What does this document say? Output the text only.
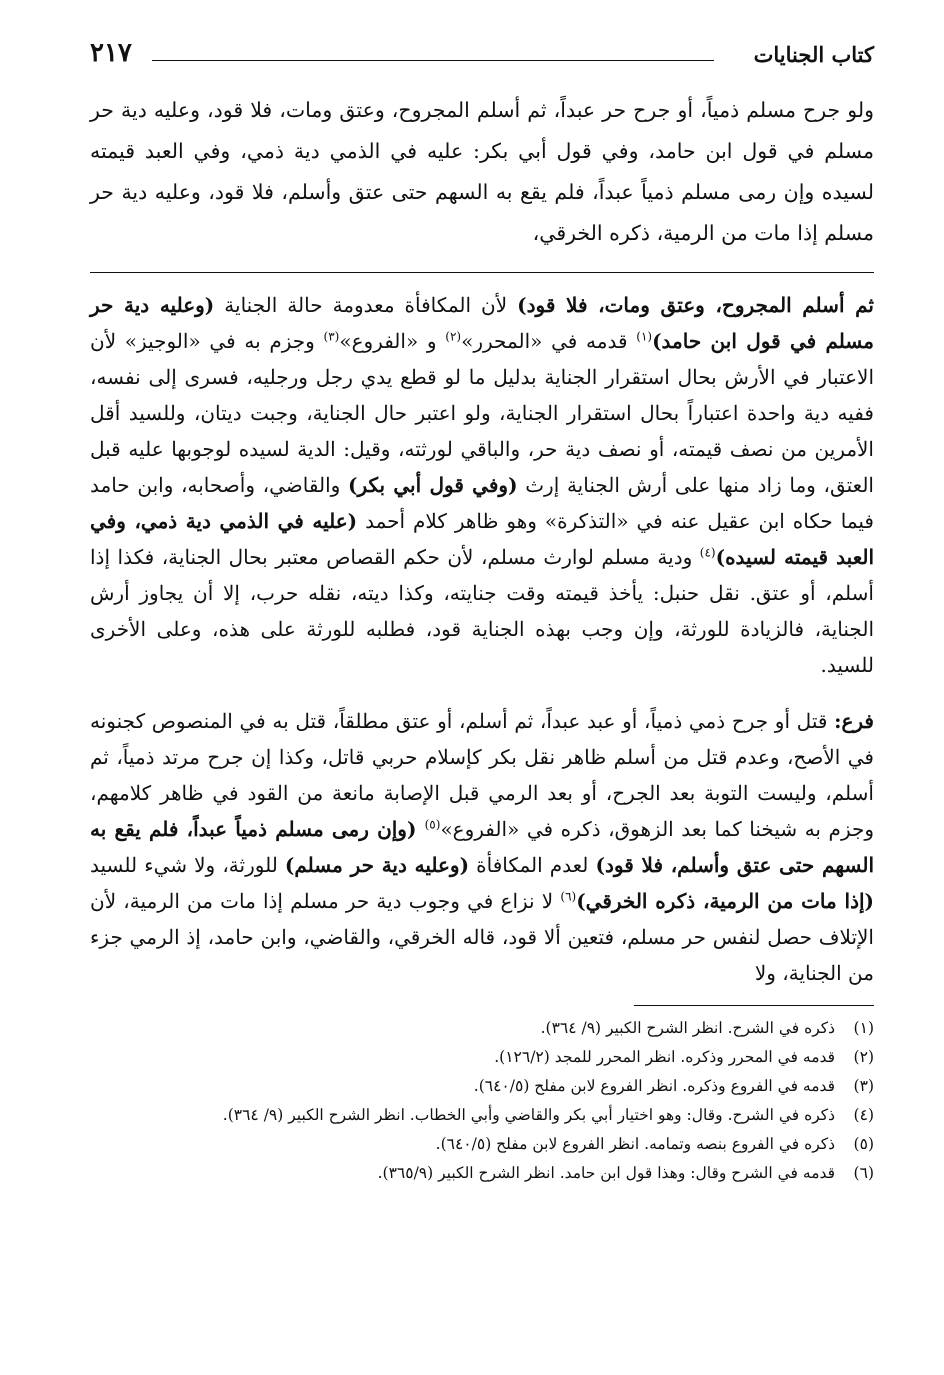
كتاب الجنايات
٢١٧
ولو جرح مسلم ذمياً، أو جرح حر عبداً، ثم أسلم المجروح، وعتق ومات، فلا قود، وعليه دية حر مسلم في قول ابن حامد، وفي قول أبي بكر: عليه في الذمي دية ذمي، وفي العبد قيمته لسيده وإن رمى مسلم ذمياً عبداً، فلم يقع به السهم حتى عتق وأسلم، فلا قود، وعليه دية حر مسلم إذا مات من الرمية، ذكره الخرقي،

ثم أسلم المجروح، وعتق ومات، فلا قود) لأن المكافأة معدومة حالة الجناية (وعليه دية حر مسلم في قول ابن حامد)$^{(١)}$ قدمه في «المحرر»$^{(٢)}$ و «الفروع»$^{(٣)}$ وجزم به في «الوجيز» لأن الاعتبار في الأرش بحال استقرار الجناية بدليل ما لو قطع يدي رجل ورجليه، فسرى إلى نفسه، ففيه دية واحدة اعتباراً بحال استقرار الجناية، ولو اعتبر حال الجناية، وجبت ديتان، وللسيد أقل الأمرين من نصف قيمته، أو نصف دية حر، والباقي لورثته، وقيل: الدية لسيده لوجوبها عليه قبل العتق، وما زاد منها على أرش الجناية إرث (وفي قول أبي بكر) والقاضي، وأصحابه، وابن حامد فيما حكاه ابن عقيل عنه في «التذكرة» وهو ظاهر كلام أحمد (عليه في الذمي دية ذمي، وفي العبد قيمته لسيده)$^{(٤)}$ ودية مسلم لوارث مسلم، لأن حكم القصاص معتبر بحال الجناية، فكذا إذا أسلم، أو عتق. نقل حنبل: يأخذ قيمته وقت جنايته، وكذا ديته، نقله حرب، إلا أن يجاوز أرش الجناية، فالزيادة للورثة، وإن وجب بهذه الجناية قود، فطلبه للورثة على هذه، وعلى الأخرى للسيد.

فرع: قتل أو جرح ذمي ذمياً، أو عبد عبداً، ثم أسلم، أو عتق مطلقاً، قتل به في المنصوص كجنونه في الأصح، وعدم قتل من أسلم ظاهر نقل بكر كإسلام حربي قاتل، وكذا إن جرح مرتد ذمياً، ثم أسلم، وليست التوبة بعد الجرح، أو بعد الرمي قبل الإصابة مانعة من القود في ظاهر كلامهم، وجزم به شيخنا كما بعد الزهوق، ذكره في «الفروع»$^{(٥)}$ (وإن رمى مسلم ذمياً عبداً، فلم يقع به السهم حتى عتق وأسلم، فلا قود) لعدم المكافأة (وعليه دية حر مسلم) للورثة، ولا شيء للسيد (إذا مات من الرمية، ذكره الخرقي)$^{(٦)}$ لا نزاع في وجوب دية حر مسلم إذا مات من الرمية، لأن الإتلاف حصل لنفس حر مسلم، فتعين ألا قود، قاله الخرقي، والقاضي، وابن حامد، إذ الرمي جزء من الجناية، ولا

(١) ذكره في الشرح. انظر الشرح الكبير (٩/ ٣٦٤).

(٢) قدمه في المحرر وذكره. انظر المحرر للمجد (١٢٦/٢).

(٣) قدمه في الفروع وذكره. انظر الفروع لابن مفلح (٦٤٠/٥).

(٤) ذكره في الشرح. وقال: وهو اختيار أبي بكر والقاضي وأبي الخطاب. انظر الشرح الكبير (٩/ ٣٦٤).

(٥) ذكره في الفروع بنصه وتمامه. انظر الفروع لابن مفلح (٦٤٠/٥).

(٦) قدمه في الشرح وقال: وهذا قول ابن حامد. انظر الشرح الكبير (٣٦٥/٩).
